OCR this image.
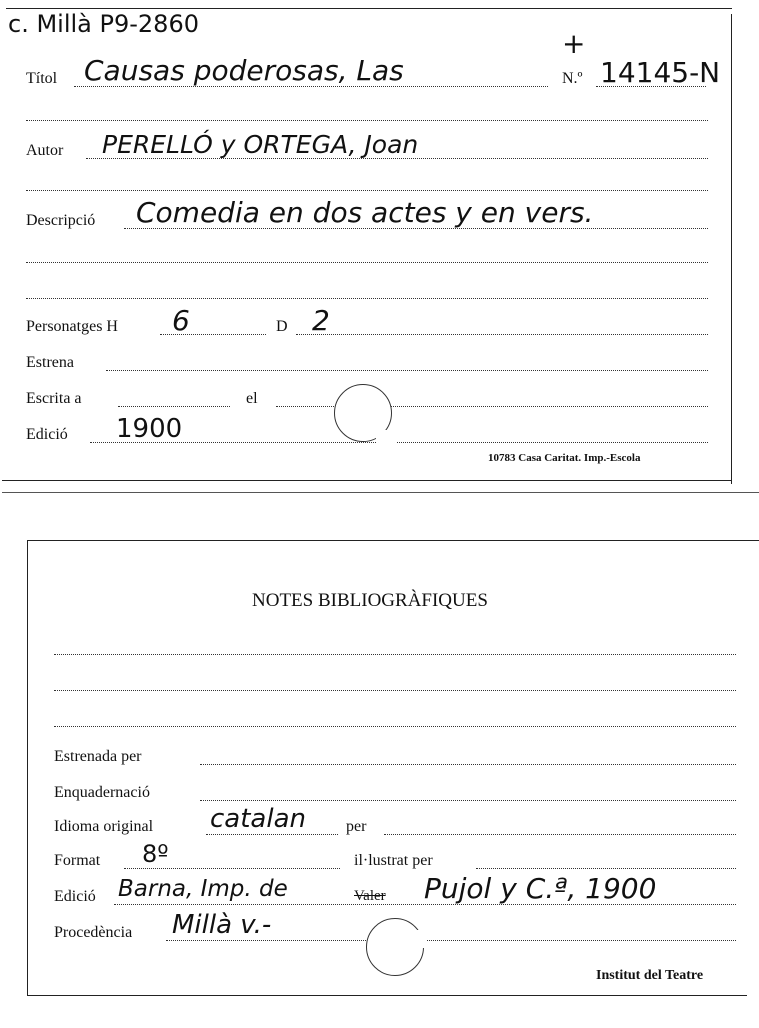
c. Millà P9-2860
+
Títol Causas poderosas, Las	N.º 14145-N
Autor PERELLÓ y ORTEGA, Joan
Descripció Comedia en dos actes y en vers.
Personatges H 6	D 2
Estrena
Escrita a	el
Edició 1900
10783 Casa Caritat. Imp.-Escola
NOTES BIBLIOGRÀFIQUES
Estrenada per
Enquadernació
Idioma original catalan	per
Format 8º	il·lustrat per
Edició Barna, Imp. de	Valer Pujol y C.ª, 1900
Procedència Millà v.-
Institut del Teatre
